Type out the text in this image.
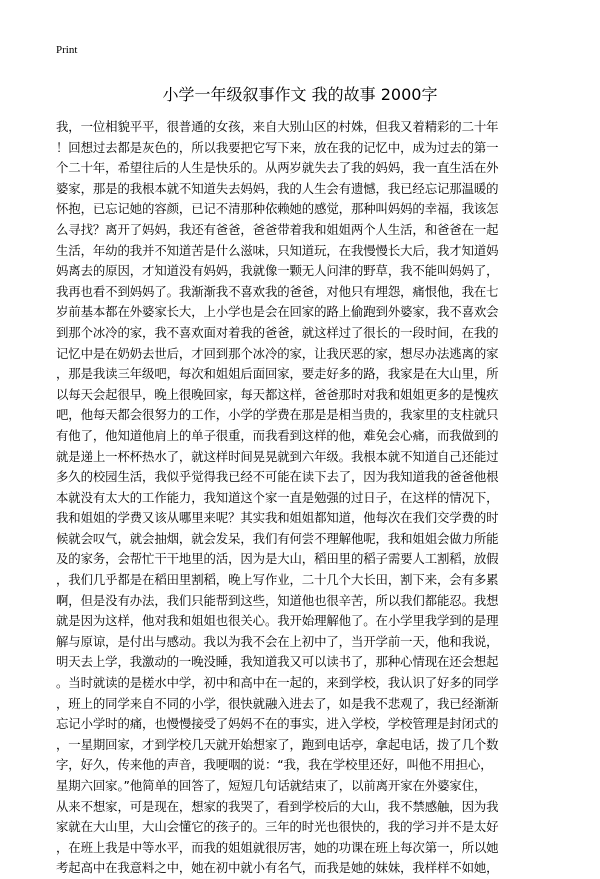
Print
小学一年级叙事作文 我的故事 2000字
我，一位相貌平平，很普通的女孩，来自大别山区的村姝，但我又着精彩的二十年
！回想过去都是灰色的，所以我要把它写下来，放在我的记忆中，成为过去的第一
个二十年，希望往后的人生是快乐的。从两岁就失去了我的妈妈，我一直生活在外
婆家，那是的我根本就不知道失去妈妈，我的人生会有遗憾，我已经忘记那温暖的
怀抱，已忘记她的容颜，已记不清那种依赖她的感觉，那种叫妈妈的幸福，我该怎
么寻找？离开了妈妈，我还有爸爸，爸爸带着我和姐姐两个人生活，和爸爸在一起
生活，年幼的我并不知道苦是什么滋味，只知道玩，在我慢慢长大后，我才知道妈
妈离去的原因，才知道没有妈妈，我就像一颗无人问津的野草，我不能叫妈妈了，
我再也看不到妈妈了。我渐渐我不喜欢我的爸爸，对他只有埋怨，痛恨他，我在七
岁前基本都在外婆家长大，上小学也是会在回家的路上偷跑到外婆家，我不喜欢会
到那个冰冷的家，我不喜欢面对着我的爸爸，就这样过了很长的一段时间，在我的
记忆中是在奶奶去世后，才回到那个冰冷的家，让我厌恶的家，想尽办法逃离的家
，那是我读三年级吧，每次和姐姐后面回家，要走好多的路，我家是在大山里，所
以每天会起很早，晚上很晚回家，每天都这样，爸爸那时对我和姐姐更多的是愧疚
吧，他每天都会很努力的工作，小学的学费在那是是相当贵的，我家里的支柱就只
有他了，他知道他肩上的单子很重，而我看到这样的他，难免会心痛，而我做到的
就是递上一杯杯热水了，就这样时间晃晃就到六年级。我根本就不知道自己还能过
多久的校园生活，我似乎觉得我已经不可能在读下去了，因为我知道我的爸爸他根
本就没有太大的工作能力，我知道这个家一直是勉强的过日子，在这样的情况下，
我和姐姐的学费又该从哪里来呢？其实我和姐姐都知道，他每次在我们交学费的时
候就会叹气，就会抽烟，就会发呆，我们有何尝不理解他呢，我和姐姐会做力所能
及的家务，会帮忙干干地里的活，因为是大山，稻田里的稻子需要人工割稻，放假
，我们几乎都是在稻田里割稻，晚上写作业，二十几个大长田，割下来，会有多累
啊，但是没有办法，我们只能帮到这些，知道他也很辛苦，所以我们都能忍。我想
就是因为这样，他对我和姐姐也很关心。我开始理解他了。在小学里我学到的是理
解与原谅，是付出与感动。我以为我不会在上初中了，当开学前一天，他和我说，
明天去上学，我激动的一晚没睡，我知道我又可以读书了，那种心情现在还会想起
。当时就读的是槎水中学，初中和高中在一起的，来到学校，我认识了好多的同学
，班上的同学来自不同的小学，很快就融入进去了，如是我不悲观了，我已经渐渐
忘记小学时的痛，也慢慢接受了妈妈不在的事实，进入学校，学校管理是封闭式的
，一星期回家，才到学校几天就开始想家了，跑到电话亭，拿起电话，拨了几个数
字，好久，传来他的声音，我哽咽的说：“我，我在学校里还好，叫他不用担心，
星期六回家。”他简单的回答了，短短几句话就结束了，以前离开家在外婆家住，
从来不想家，可是现在，想家的我哭了，看到学校后的大山，我不禁感触，因为我
家就在大山里，大山会懂它的孩子的。三年的时光也很快的，我的学习并不是太好
，在班上我是中等水平，而我的姐姐就很厉害，她的功课在班上每次第一，所以她
考起高中在我意料之中，她在初中就小有名气，而我是她的妹妹，我样样不如她，
